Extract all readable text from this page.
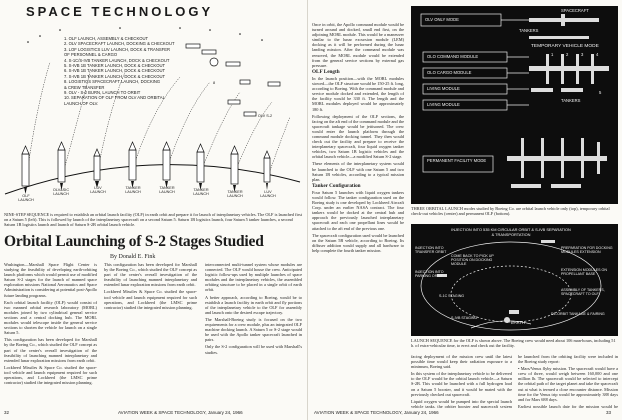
SPACE TECHNOLOGY
1. OLF LAUNCH, ASSEMBLY & CHECKOUT
2. OLV SPACECRAFT LAUNCH, DOCKING & CHECKOUT
3. LOF LOGISTICS LUV LAUNCH, DOCK & TRANSFER
OF PERSONNEL & CARGO
4. S-1C/S-IVB TANKER LAUNCH, DOCK & CHECKOUT
5. S-IVB 1B TANKER LAUNCH, DOCK & CHECKOUT
6. S-IVB 1B TANKER LAUNCH, DOCK & CHECKOUT
7. S-IVB 1B TANKER LAUNCH, DOCK & CHECKOUT
8. LOGISTICS SPACECRAFT LAUNCH, DOCKING
& CREW TRANSFER
9. OLV - S-2 BURN, LAUNCH TO ORBIT
10. SEPARATION OF OLF FROM OLV AND ORBITAL
LAUNCH OF OLV.
OLF
LAUNCH
OLV&SIC
LAUNCH
LUV
LAUNCH
TANKER
LAUNCH
TANKER
LAUNCH
TANKER
LAUNCH
TANKER
LAUNCH
LUV
LAUNCH
OLV S-2
8
NINE-STEP SEQUENCE is required to establish an orbital launch facility (OLF) in earth orbit and prepare it for launch of interplanetary vehicles. The OLF is launched first on a Saturn 5 (left). This is followed by launch of the interplanetary spacecraft on a second Saturn 5. Saturn 1B logistics launch, four Saturn 5 tanker launches, a second Saturn 1B logistics launch and launch of Saturn S-2B orbital launch vehicle.
Orbital Launching of S-2 Stages Studied
By Donald E. Fink

Washington—Marshall Space Flight Center is studying the feasibility of developing earth-orbiting launch platforms which would permit use of modified Saturn S-2 stages for the launch of manned space exploration missions National Aeronautics and Space Administration is considering at potential post-Apollo future landing programs.

Each orbital launch facility (OLF) would consist of two manned orbital research laboratory (MORL) modules joined by two cylindrical general service sections and a central docking hub. The MORL modules would telescope inside the general service sections to shorten the vehicle for launch on a single Saturn 5.

This configuration has been developed for Marshall by the Boeing Co., which studied the OLF concept as part of the center's overall investigation of the feasibility of launching manned interplanetary and extended lunar exploration missions from earth orbit.

Lockheed Missiles & Space Co. studied the space-tool vehicle and launch equipment required for such operations, and Lockheed (the LMSC prime contractor) studied the integrated mission planning.

This configuration has been developed for Marshall by the Boeing Co., which studied the OLF concept as part of the center's overall investigation of the feasibility of launching manned interplanetary and extended lunar exploration missions from earth orbit.

Lockheed Missiles & Space Co. studied the space-tool vehicle and launch equipment required for such operations, and Lockheed (the LMSC prime contractor) studied the integrated mission planning.

interconnected multi-tunnel system whose modules are connected. The OLF would house the crew. Anticipated logistic follow-ups used by multiple launches of space modules and the interplanetary vehicles, the assembled orbiting structure to be placed in a single orbit of earth orbit.

A better approach, according to Boeing, would be to establish a launch facility in earth orbit and fly portions of the interplanetary vehicle to the OLF for assembly and launch onto the desired escape trajectory.

The Marshall-Boeing study is focused on the two requirements for a crew module, plus an integrated OLF machine docking launch. A Saturn 5 or S-2 stage would be used with the Apollo tanker spacecraft launched in pairs.

Only the S-2 configuration will be used with Marshall's studies.

Once in orbit, the Apollo command module would be turned around and docked, small end first, on the adjoining MORL module. This would be a maneuver similar to the lunar excursion module (LEM) docking as it will be performed during the lunar landing mission. After the command module was removed, the MORL module would be extended from the general service sections by external gas pressure.

OLF Length

In the launch position—with the MORL modules stowed—the OLF structure would be 150-25 ft. long, according to Boeing. With the command module and service module docked and extended, the length of the facility would be 330 ft. The length and the MORL modules deployed would be approximately 180 ft.

Following deployment of the OLF sections, the facing on the aft end of the command module and the spacecraft tankage would be jettisoned. The crew would enter the launch platform through the command module docking tunnel. They then would check out the facility and prepare to receive the interplanetary spacecraft, four liquid oxygen tanker vehicles, two Saturn 1B logistic vehicles and the orbital launch vehicle—a modified Saturn S-2 stage.

These elements of the interplanetary system would be launched to the OLF with one Saturn 5 and two Saturn 1B vehicles, according to a typical mission plan.

Tanker Configuration

Four Saturn 5 launches with liquid oxygen tankers would follow. The tanker configuration used on the Boeing study is one developed by Lockheed Aircraft Corp. under an earlier NASA contract. The four tankers would be docked at the central hub and approach the previously launched interplanetary spacecraft and each one propellant lines would be attached to the aft end of the previous one.

The spacecraft configuration used would be launched on the Saturn 5B vehicle, according to Boeing. Its diffuser addition would supply and all hardware to help complete the fourth tanker mission.

OLV ONLY MODE
OLO COMMAND MODULE
OLO CARGO MODULE
LIVING MODULE
LIVING MODULE
PERMANENT FACILITY MODE
SPACECRAFT
TANKERS
TEMPORARY VEHICLE MODE
TANKERS
1	2	3	4
5
THREE ORBITAL LAUNCH modes studied by Boeing Co. are orbital launch vehicle only (top), temporary orbital check-out vehicles (center) and permanent OLF (bottom).
INJECTION INTO 535 KM CIRCULAR ORBIT & S-IVB SEPARATION & TRANSPORTATION
INJECTION INTO TRANSFER ORBIT
INJECTION INTO PARKING ORBIT
S-1C STAGING
EARTH
S-IVB STAGING
COME BACK TO PICK UP POSITION ON DOCKING MODULE
PREPARATION FOR DOCKING MODULES EXTENSION
EXTENSION MODULES ON PROPELLANT BASE
ASSEMBLY OF TANKERS, SPACECRAFT TO OLF
DE-ORBIT TANKAGE & FAIRING
LAUNCH SEQUENCE for the OLF is shown above. The Boeing crew would need about 106 man-hours, including 51 h. of extra-vehicular time, to erect and check out the facility.

facing deployment of the mission crew until the latest possible time would keep their radiation exposure to a minimum, Boeing said.

In this system of the interplanetary vehicle to be delivered to the OLF would be the orbital launch vehicle—a Saturn S-2B. This would be launched with a full hydrogen load on a Saturn 5 booster, and it would be mated with the previously checked out spacecraft.

Liquid oxygen would be pumped into the special launch vehicle tanks, the orbiter booster and spacecraft system

be launched from the orbiting facility were included in the Boeing study report:

• Mars/Venus flyby mission. The spacecraft would have a crew of three, would weigh between 160,000 and one million lb. The spacecraft would be selected to intercept the orbital path of the target planet and take the spacecraft out at what is termed a close encounter distance. Mission time for the Venus trip would be approximately 388 days and for Mars 688 days.

Earliest possible launch date for the mission would be

32	AVIATION WEEK & SPACE TECHNOLOGY, January 24, 1966	AVIATION WEEK & SPACE TECHNOLOGY, January 24, 1966	33
